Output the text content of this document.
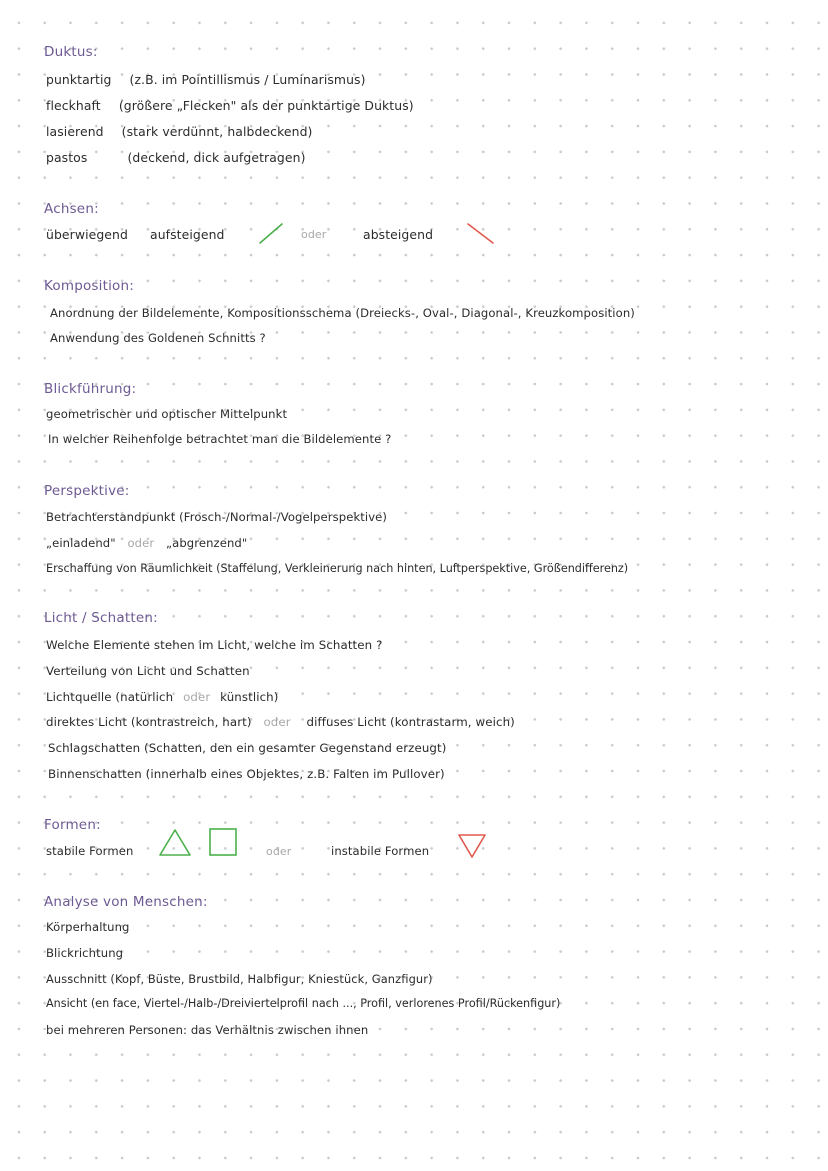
Duktus:
punktartig (z.B. im Pointillismus / Luminarismus)
fleckhaft (größere „Flecken" als der punktartige Duktus)
lasierend (stark verdünnt, halbdeckend)
pastos	(deckend, dick aufgetragen)
Achsen:
überwiegend aufsteigend	oder	absteigend
Komposition:
Anordnung der Bildelemente, Kompositionsschema (Dreiecks-, Oval-, Diagonal-, Kreuzkomposition)
Anwendung des Goldenen Schnitts ?
Blickführung:
geometrischer und optischer Mittelpunkt
In welcher Reihenfolge betrachtet man die Bildelemente ?
Perspektive:
Betrachterstandpunkt (Frosch-/Normal-/Vogelperspektive)
„einladend" oder „abgrenzend"
Erschaffung von Räumlichkeit (Staffelung, Verkleinerung nach hinten, Luftperspektive, Größendifferenz)
Licht / Schatten:
Welche Elemente stehen im Licht, welche im Schatten ?
Verteilung von Licht und Schatten
Lichtquelle (natürlich oder künstlich)
direktes Licht (kontrastreich, hart) oder diffuses Licht (kontrastarm, weich)
Schlagschatten (Schatten, den ein gesamter Gegenstand erzeugt)
Binnenschatten (innerhalb eines Objektes, z.B. Falten im Pullover)
Formen:
stabile Formen	oder	instabile Formen
Analyse von Menschen:
Körperhaltung
Blickrichtung
Ausschnitt (Kopf, Büste, Brustbild, Halbfigur, Kniestück, Ganzfigur)
Ansicht (en face, Viertel-/Halb-/Dreiviertelprofil nach ..., Profil, verlorenes Profil/Rückenfigur)
bei mehreren Personen: das Verhältnis zwischen ihnen
